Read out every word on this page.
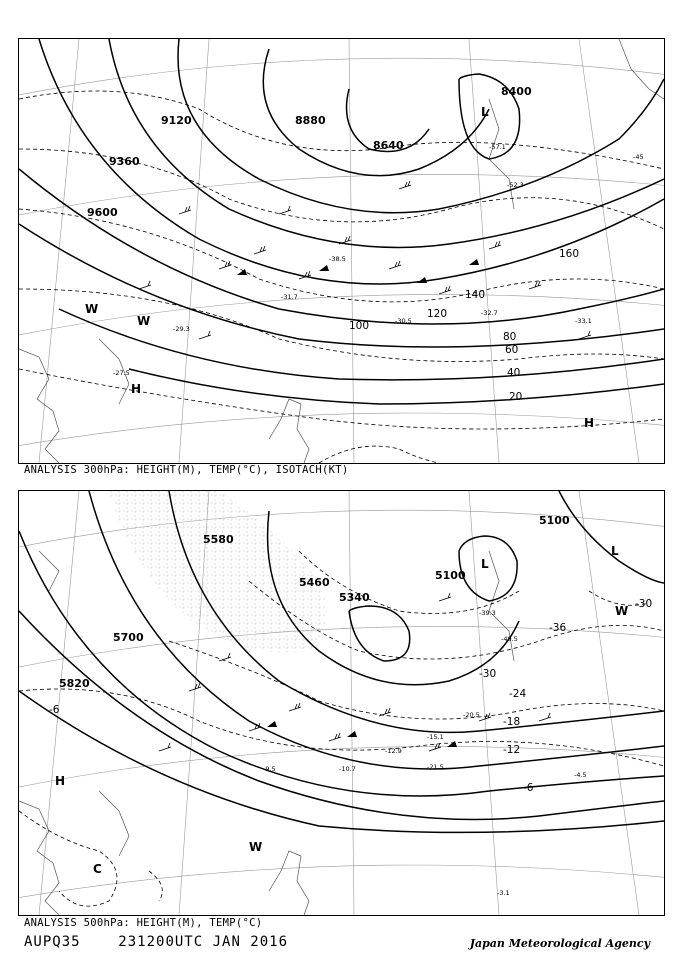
9600
9360
9120	8880
8640
8400
20
40
60
80
100
120
140
160
L
H
H
W
W
-31.7
-30.5
-32.7
-33.1
-29.3
-27.5
-57.1
-52.3
-38.5
-45
ANALYSIS 300hPa: HEIGHT(M), TEMP(°C), ISOTACH(KT)
5100
5100
5340
5460
5580
5700
5820
-6
-12
-18
-24
-30
-36
-6
-30
L
L
H
C
W
W
-10.7
-12.9
-20.5
-40.5
-39.3
-4.5
-3.1
-15.1
-9.5	-21.5
ANALYSIS 500hPa: HEIGHT(M), TEMP(°C)
AUPQ35	231200UTC JAN 2016	Japan Meteorological Agency
